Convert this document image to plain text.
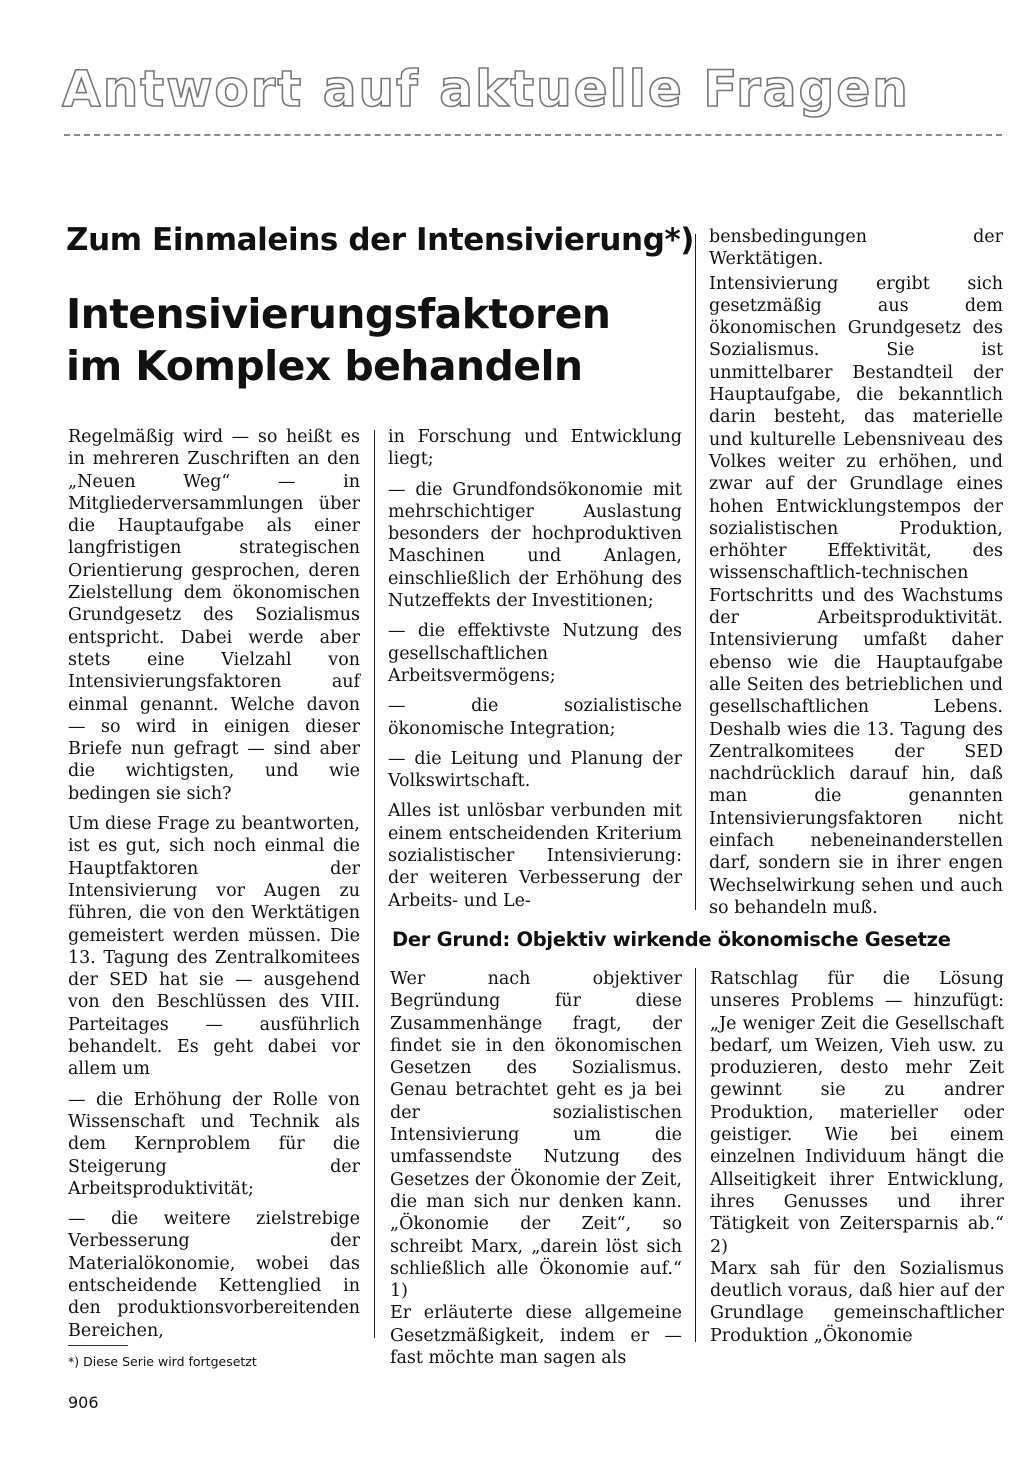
Antwort auf aktuelle Fragen
Zum Einmaleins der Intensivierung*)
Intensivierungsfaktoren
im Komplex behandeln

Regelmäßig wird — so heißt es in mehreren Zuschriften an den „Neuen Weg“ — in Mitgliederversammlungen über die Hauptaufgabe als einer langfristigen strategischen Orientierung gesprochen, deren Zielstellung dem ökonomischen Grundgesetz des Sozialismus entspricht. Dabei werde aber stets eine Vielzahl von Intensivierungsfaktoren auf einmal genannt. Welche davon — so wird in einigen dieser Briefe nun gefragt — sind aber die wichtigsten, und wie bedingen sie sich?

Um diese Frage zu beantworten, ist es gut, sich noch einmal die Hauptfaktoren der Intensivierung vor Augen zu führen, die von den Werktätigen gemeistert werden müssen. Die 13. Tagung des Zentralkomitees der SED hat sie — ausgehend von den Beschlüssen des VIII. Parteitages — ausführlich behandelt. Es geht dabei vor allem um

— die Erhöhung der Rolle von Wissenschaft und Technik als dem Kernproblem für die Steigerung der Arbeitsproduktivität;

— die weitere zielstrebige Verbesserung der Materialökonomie, wobei das entscheidende Kettenglied in den produktionsvorbereitenden Bereichen,

in Forschung und Entwicklung liegt;

— die Grundfondsökonomie mit mehrschichtiger Auslastung besonders der hochproduktiven Maschinen und Anlagen, einschließlich der Erhöhung des Nutzeffekts der Investitionen;

— die effektivste Nutzung des gesellschaftlichen Arbeitsvermögens;

— die sozialistische ökonomische Integration;

— die Leitung und Planung der Volkswirtschaft.

Alles ist unlösbar verbunden mit einem entscheidenden Kriterium sozialistischer Intensivierung: der weiteren Verbesserung der Arbeits- und Le-

bensbedingungen der Werktätigen.

Intensivierung ergibt sich gesetzmäßig aus dem ökonomischen Grundgesetz des Sozialismus. Sie ist unmittelbarer Bestandteil der Hauptaufgabe, die bekanntlich darin besteht, das materielle und kulturelle Lebensniveau des Volkes weiter zu erhöhen, und zwar auf der Grundlage eines hohen Entwicklungstempos der sozialistischen Produktion, erhöhter Effektivität, des wissenschaftlich-technischen Fortschritts und des Wachstums der Arbeitsproduktivität. Intensivierung umfaßt daher ebenso wie die Hauptaufgabe alle Seiten des betrieblichen und gesellschaftlichen Lebens. Deshalb wies die 13. Tagung des Zentralkomitees der SED nachdrücklich darauf hin, daß man die genannten Intensivierungsfaktoren nicht einfach nebeneinanderstellen darf, sondern sie in ihrer engen Wechselwirkung sehen und auch so behandeln muß.

Der Grund: Objektiv wirkende ökonomische Gesetze

Wer nach objektiver Begründung für diese Zusammenhänge fragt, der findet sie in den ökonomischen Gesetzen des Sozialismus. Genau betrachtet geht es ja bei der sozialistischen Intensivierung um die umfassendste Nutzung des Gesetzes der Ökonomie der Zeit, die man sich nur denken kann. „Ökonomie der Zeit“, so schreibt Marx, „darein löst sich schließlich alle Ökonomie auf.“ 1)

Er erläuterte diese allgemeine Gesetzmäßigkeit, indem er — fast möchte man sagen als

Ratschlag für die Lösung unseres Problems — hinzufügt: „Je weniger Zeit die Gesellschaft bedarf, um Weizen, Vieh usw. zu produzieren, desto mehr Zeit gewinnt sie zu andrer Produktion, materieller oder geistiger. Wie bei einem einzelnen Individuum hängt die Allseitigkeit ihrer Entwicklung, ihres Genusses und ihrer Tätigkeit von Zeitersparnis ab.“ 2)

Marx sah für den Sozialismus deutlich voraus, daß hier auf der Grundlage gemeinschaftlicher Produktion „Ökonomie

*) Diese Serie wird fortgesetzt
906
